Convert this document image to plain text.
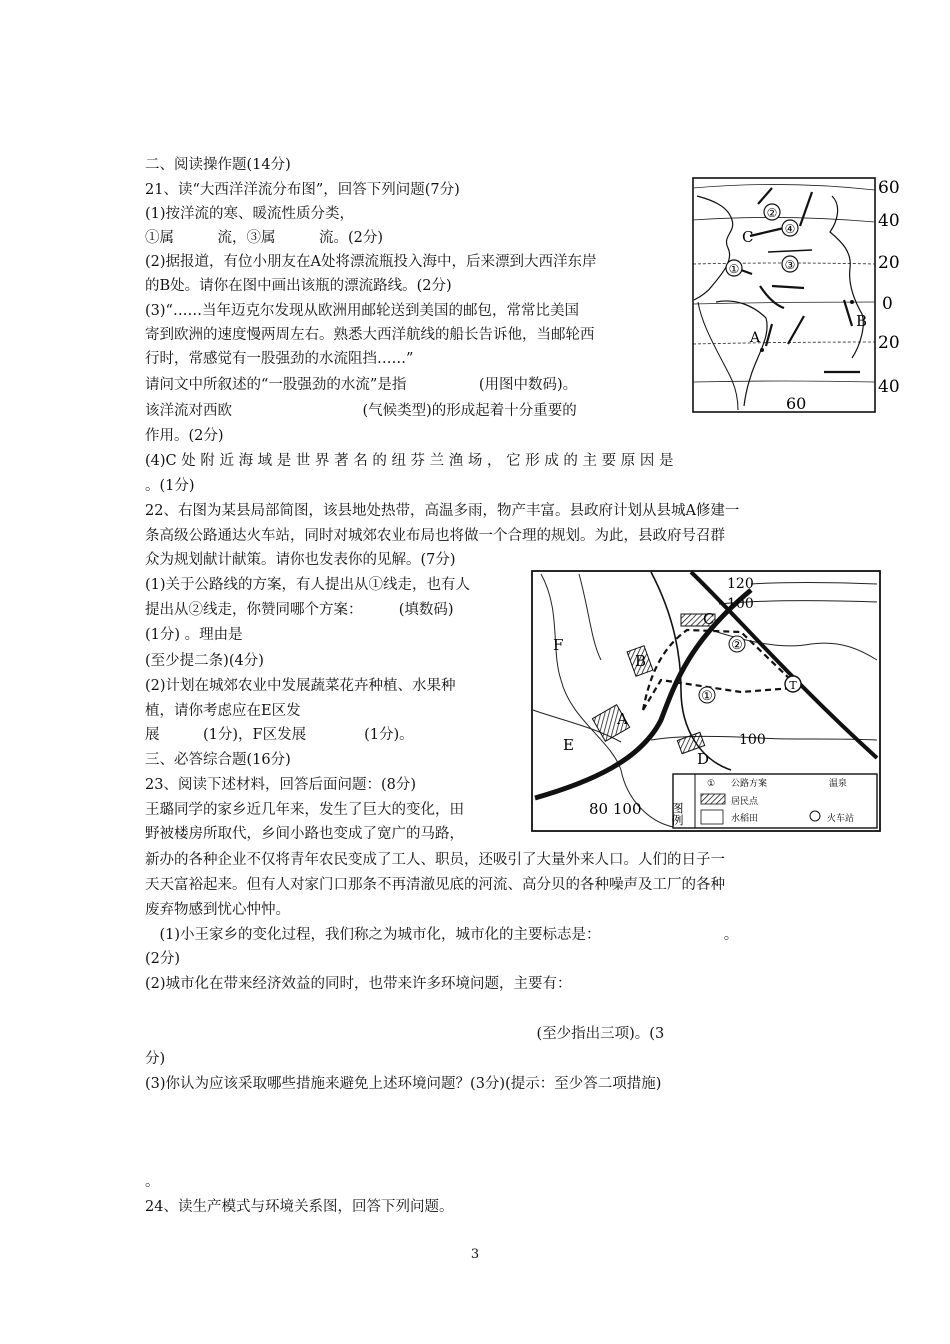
二、阅读操作题(14分)
21、读“大西洋洋流分布图”，回答下列问题(7分)
(1)按洋流的寒、暖流性质分类，
①属　　　流，③属　　　流。(2分)
(2)据报道，有位小朋友在A处将漂流瓶投入海中，后来漂到大西洋东岸
的B处。请你在图中画出该瓶的漂流路线。(2分)
(3)“……当年迈克尔发现从欧洲用邮轮送到美国的邮包，常常比美国
寄到欧洲的速度慢两周左右。熟悉大西洋航线的船长告诉他，当邮轮西
行时，常感觉有一股强劲的水流阻挡……”
请问文中所叙述的“一股强劲的水流”是指　　　　　(用图中数码)。
该洋流对西欧　　　　　　　　　(气候类型)的形成起着十分重要的
作用。(2分)
(4)C 处 附 近 海 域 是 世 界 著 名 的 纽 芬 兰 渔 场 ， 它 形 成 的 主 要 原 因 是
。(1分)
22、右图为某县局部简图，该县地处热带，高温多雨，物产丰富。县政府计划从县城A修建一
条高级公路通达火车站，同时对城郊农业布局也将做一个合理的规划。为此，县政府号召群
众为规划献计献策。请你也发表你的见解。(7分)
(1)关于公路线的方案，有人提出从①线走，也有人
提出从②线走，你赞同哪个方案：　　　(填数码)
(1分) 。理由是
(至少提二条)(4分)
(2)计划在城郊农业中发展蔬菜花卉种植、水果种
植，请你考虑应在E区发
展　　　(1分)，F区发展　　　　(1分)。
三、必答综合题(16分)
23、阅读下述材料，回答后面问题：(8分)
王璐同学的家乡近几年来，发生了巨大的变化，田
野被楼房所取代，乡间小路也变成了宽广的马路，
新办的各种企业不仅将青年农民变成了工人、职员，还吸引了大量外来人口。人们的日子一
天天富裕起来。但有人对家门口那条不再清澈见底的河流、高分贝的各种噪声及工厂的各种
废弃物感到忧心忡忡。
　(1)小王家乡的变化过程，我们称之为城市化，城市化的主要标志是：　　　　　　　　　。
(2分)
(2)城市化在带来经济效益的同时，也带来许多环境问题，主要有：
　　　　　　　　　　　　　　　　　　　　　　　　　　　(至少指出三项)。(3
分)
(3)你认为应该采取哪些措施来避免上述环境问题？(3分)(提示：至少答二项措施)
。
24、读生产模式与环境关系图，回答下列问题。
②
④
①	③
C
A
B
60
40
20
0
20
40
60
①
②
T
120
100
100
A
B
C
D
E
F
80 100 图例
① 公路方案	温泉
居民点
水稻田	火车站
3
